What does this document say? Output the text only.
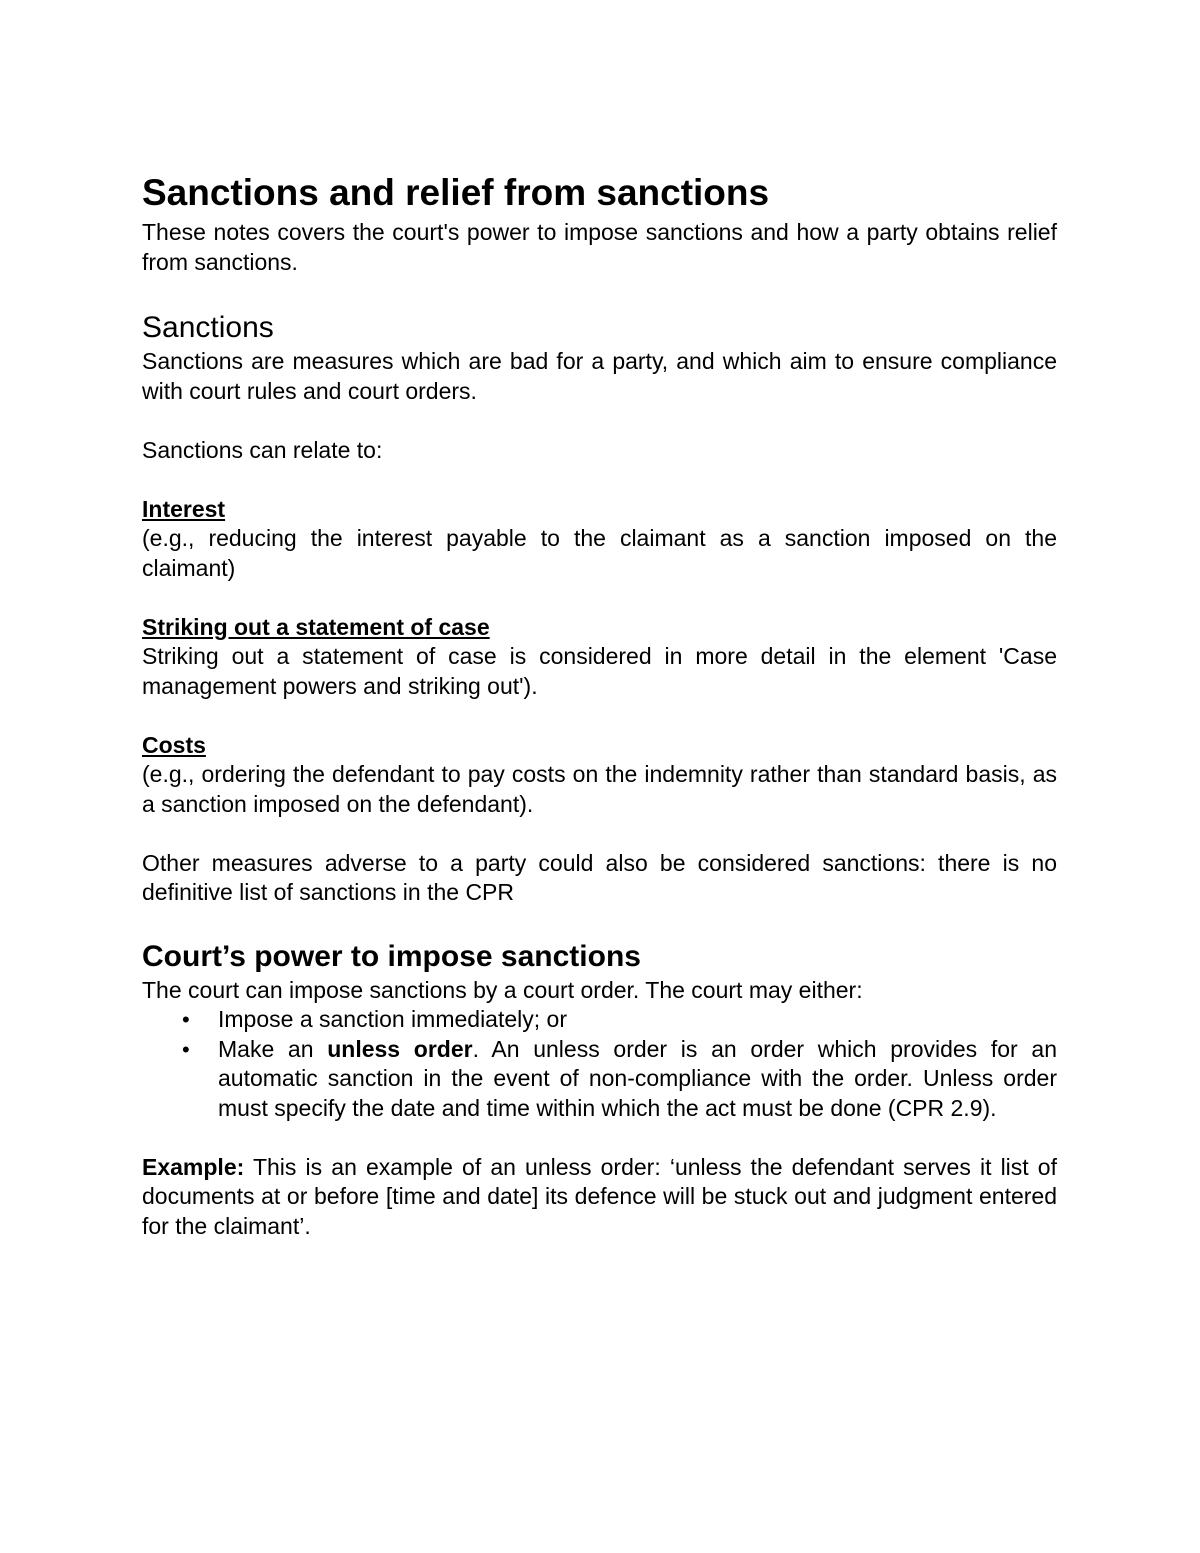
Sanctions and relief from sanctions

These notes covers the court's power to impose sanctions and how a party obtains relief from sanctions.

Sanctions

Sanctions are measures which are bad for a party, and which aim to ensure compliance with court rules and court orders.

Sanctions can relate to:

Interest

(e.g., reducing the interest payable to the claimant as a sanction imposed on the claimant)

Striking out a statement of case

Striking out a statement of case is considered in more detail in the element 'Case management powers and striking out').

Costs

(e.g., ordering the defendant to pay costs on the indemnity rather than standard basis, as a sanction imposed on the defendant).

Other measures adverse to a party could also be considered sanctions: there is no definitive list of sanctions in the CPR

Court’s power to impose sanctions

The court can impose sanctions by a court order. The court may either:

• Impose a sanction immediately; or
• Make an unless order. An unless order is an order which provides for an automatic sanction in the event of non-compliance with the order. Unless order must specify the date and time within which the act must be done (CPR 2.9).

Example: This is an example of an unless order: ‘unless the defendant serves it list of documents at or before [time and date] its defence will be stuck out and judgment entered for the claimant’.
